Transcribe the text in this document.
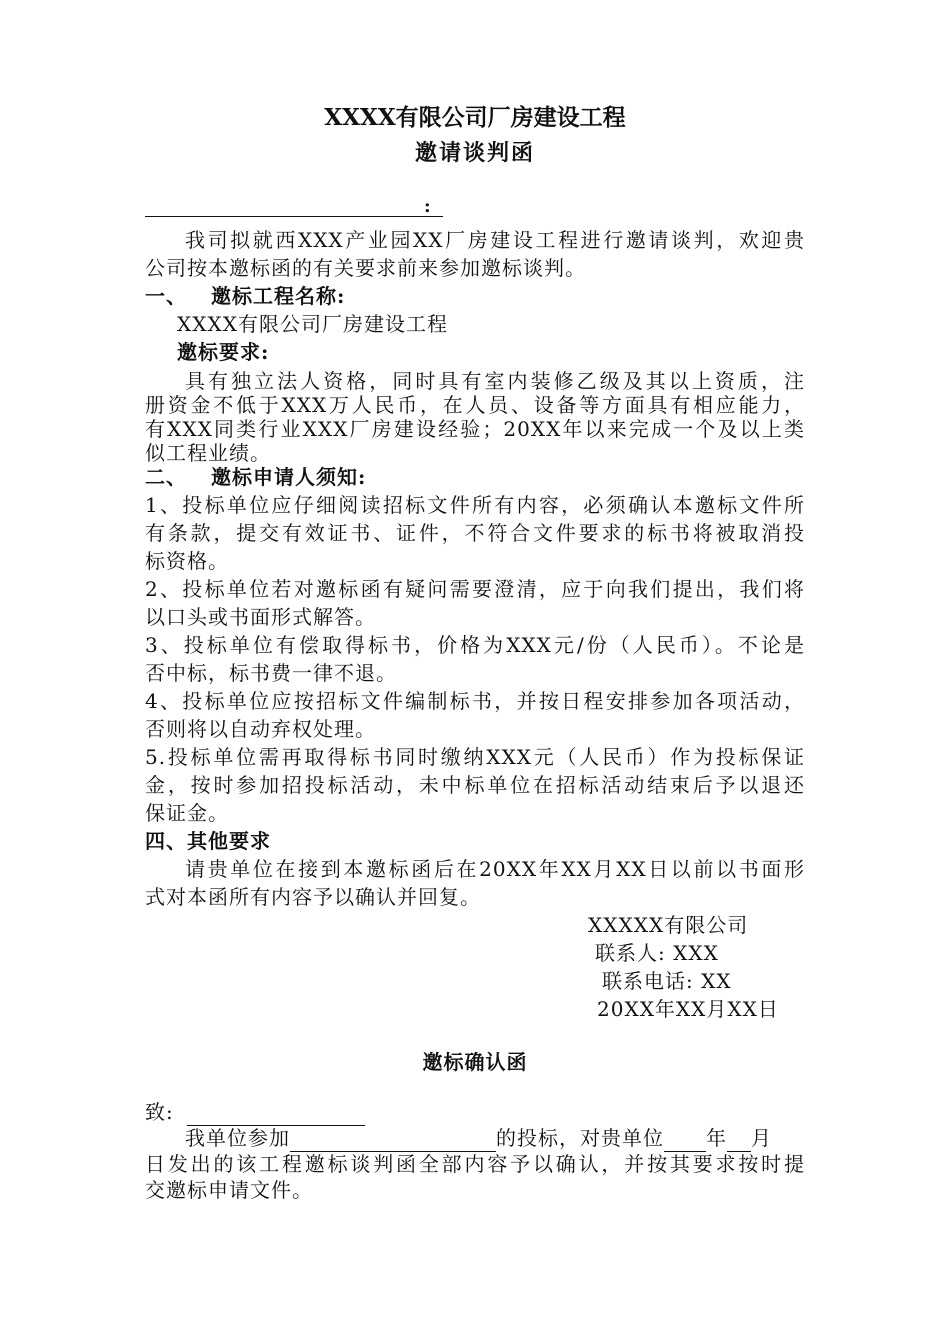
XXXX有限公司厂房建设工程
邀请谈判函
:
我司拟就西XXX产业园XX厂房建设工程进行邀请谈判，欢迎贵
公司按本邀标函的有关要求前来参加邀标谈判。
一、 邀标工程名称:
XXXX有限公司厂房建设工程
邀标要求:
具有独立法人资格，同时具有室内装修乙级及其以上资质，注
册资金不低于XXX万人民币，在人员、设备等方面具有相应能力，
有XXX同类行业XXX厂房建设经验；20XX年以来完成一个及以上类
似工程业绩。
二、 邀标申请人须知:
1、投标单位应仔细阅读招标文件所有内容，必须确认本邀标文件所
有条款，提交有效证书、证件，不符合文件要求的标书将被取消投
标资格。
2、投标单位若对邀标函有疑问需要澄清，应于向我们提出，我们将
以口头或书面形式解答。
3、投标单位有偿取得标书，价格为XXX元/份（人民币）。不论是
否中标，标书费一律不退。
4、投标单位应按招标文件编制标书，并按日程安排参加各项活动，
否则将以自动弃权处理。
5.投标单位需再取得标书同时缴纳XXX元（人民币）作为投标保证
金，按时参加招投标活动，未中标单位在招标活动结束后予以退还
保证金。
四、其他要求
请贵单位在接到本邀标函后在20XX年XX月XX日以前以书面形
式对本函所有内容予以确认并回复。
XXXXX有限公司
联系人: XXX
联系电话: XX
20XX年XX月XX日
邀标确认函
致:
我单位参加	的投标，对贵单位 年 月
日发出的该工程邀标谈判函全部内容予以确认，并按其要求按时提
交邀标申请文件。
